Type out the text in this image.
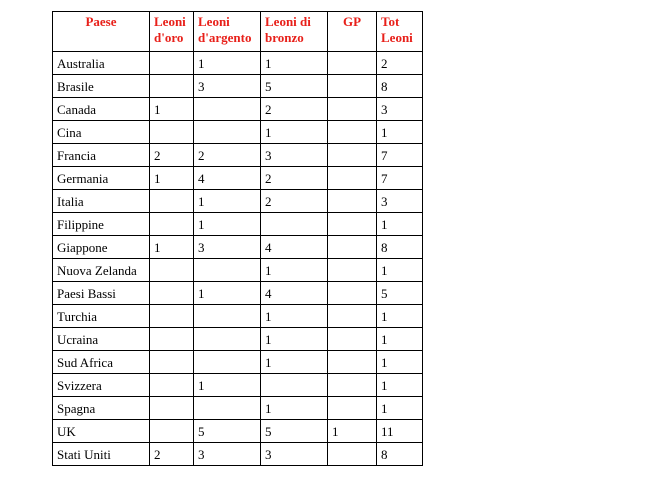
Paese	Leoni d'oro	Leoni d'argento	Leoni di bronzo	GP	Tot Leoni
Australia		1	1		2
Brasile		3	5		8
Canada	1		2		3
Cina			1		1
Francia	2	2	3		7
Germania	1	4	2		7
Italia		1	2		3
Filippine		1			1
Giappone	1	3	4		8
Nuova Zelanda			1		1
Paesi Bassi		1	4		5
Turchia			1		1
Ucraina			1		1
Sud Africa			1		1
Svizzera		1			1
Spagna			1		1
UK		5	5	1	11
Stati Uniti	2	3	3		8
